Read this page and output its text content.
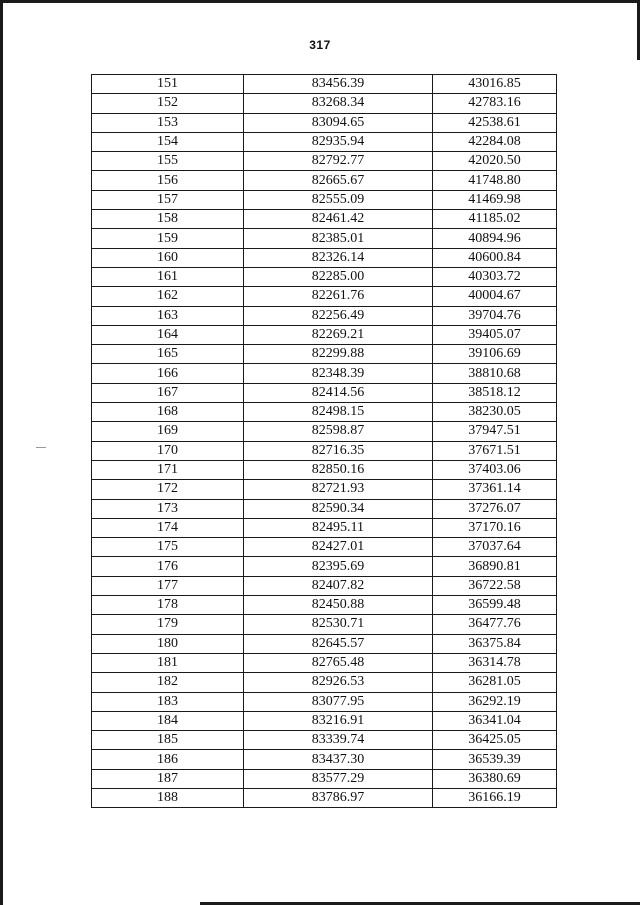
317
151	83456.39	43016.85
152	83268.34	42783.16
153	83094.65	42538.61
154	82935.94	42284.08
155	82792.77	42020.50
156	82665.67	41748.80
157	82555.09	41469.98
158	82461.42	41185.02
159	82385.01	40894.96
160	82326.14	40600.84
161	82285.00	40303.72
162	82261.76	40004.67
163	82256.49	39704.76
164	82269.21	39405.07
165	82299.88	39106.69
166	82348.39	38810.68
167	82414.56	38518.12
168	82498.15	38230.05
169	82598.87	37947.51
170	82716.35	37671.51
171	82850.16	37403.06
172	82721.93	37361.14
173	82590.34	37276.07
174	82495.11	37170.16
175	82427.01	37037.64
176	82395.69	36890.81
177	82407.82	36722.58
178	82450.88	36599.48
179	82530.71	36477.76
180	82645.57	36375.84
181	82765.48	36314.78
182	82926.53	36281.05
183	83077.95	36292.19
184	83216.91	36341.04
185	83339.74	36425.05
186	83437.30	36539.39
187	83577.29	36380.69
188	83786.97	36166.19
